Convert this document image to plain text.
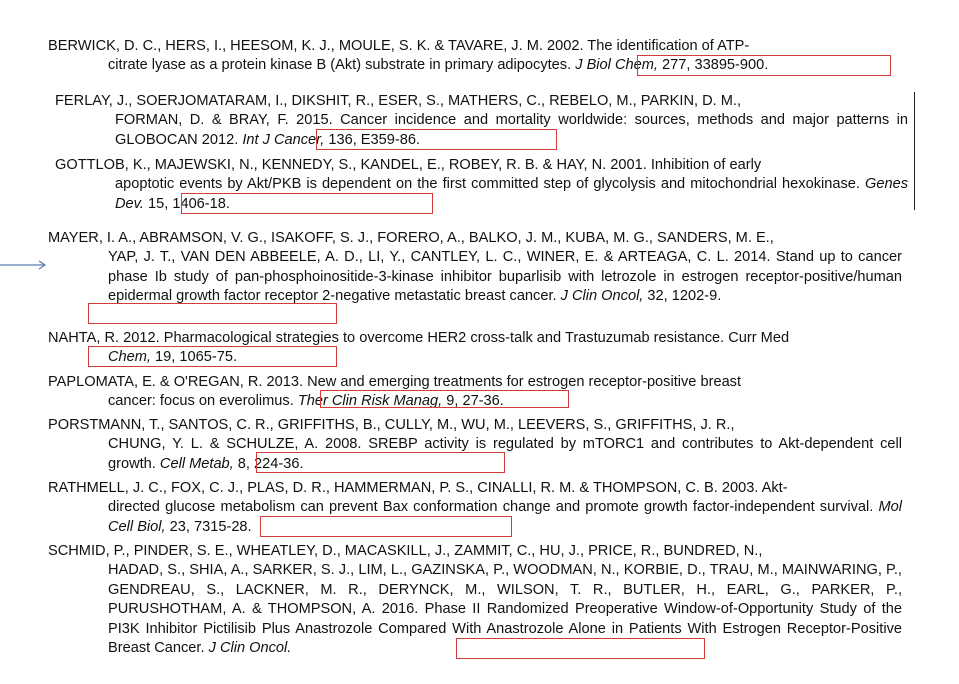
BERWICK, D. C., HERS, I., HEESOM, K. J., MOULE, S. K. & TAVARE, J. M. 2002. The identification of ATP-
citrate lyase as a protein kinase B (Akt) substrate in primary adipocytes. J Biol Chem, 277, 33895-900.
FERLAY, J., SOERJOMATARAM, I., DIKSHIT, R., ESER, S., MATHERS, C., REBELO, M., PARKIN, D. M.,
FORMAN, D. & BRAY, F. 2015. Cancer incidence and mortality worldwide: sources, methods and major patterns in GLOBOCAN 2012. Int J Cancer, 136, E359-86.
GOTTLOB, K., MAJEWSKI, N., KENNEDY, S., KANDEL, E., ROBEY, R. B. & HAY, N. 2001. Inhibition of early
apoptotic events by Akt/PKB is dependent on the first committed step of glycolysis and mitochondrial hexokinase. Genes Dev. 15, 1406-18.
MAYER, I. A., ABRAMSON, V. G., ISAKOFF, S. J., FORERO, A., BALKO, J. M., KUBA, M. G., SANDERS, M. E.,
YAP, J. T., VAN DEN ABBEELE, A. D., LI, Y., CANTLEY, L. C., WINER, E. & ARTEAGA, C. L. 2014. Stand up to cancer phase Ib study of pan-phosphoinositide-3-kinase inhibitor buparlisib with letrozole in estrogen receptor-positive/human epidermal growth factor receptor 2-negative metastatic breast cancer. J Clin Oncol, 32, 1202-9.
NAHTA, R. 2012. Pharmacological strategies to overcome HER2 cross-talk and Trastuzumab resistance. Curr Med
Chem, 19, 1065-75.
PAPLOMATA, E. & O'REGAN, R. 2013. New and emerging treatments for estrogen receptor-positive breast
cancer: focus on everolimus. Ther Clin Risk Manag, 9, 27-36.
PORSTMANN, T., SANTOS, C. R., GRIFFITHS, B., CULLY, M., WU, M., LEEVERS, S., GRIFFITHS, J. R.,
CHUNG, Y. L. & SCHULZE, A. 2008. SREBP activity is regulated by mTORC1 and contributes to Akt-dependent cell growth. Cell Metab, 8, 224-36.
RATHMELL, J. C., FOX, C. J., PLAS, D. R., HAMMERMAN, P. S., CINALLI, R. M. & THOMPSON, C. B. 2003. Akt-
directed glucose metabolism can prevent Bax conformation change and promote growth factor-independent survival. Mol Cell Biol, 23, 7315-28.
SCHMID, P., PINDER, S. E., WHEATLEY, D., MACASKILL, J., ZAMMIT, C., HU, J., PRICE, R., BUNDRED, N.,
HADAD, S., SHIA, A., SARKER, S. J., LIM, L., GAZINSKA, P., WOODMAN, N., KORBIE, D., TRAU, M., MAINWARING, P., GENDREAU, S., LACKNER, M. R., DERYNCK, M., WILSON, T. R., BUTLER, H., EARL, G., PARKER, P., PURUSHOTHAM, A. & THOMPSON, A. 2016. Phase II Randomized Preoperative Window-of-Opportunity Study of the PI3K Inhibitor Pictilisib Plus Anastrozole Compared With Anastrozole Alone in Patients With Estrogen Receptor-Positive Breast Cancer. J Clin Oncol.
